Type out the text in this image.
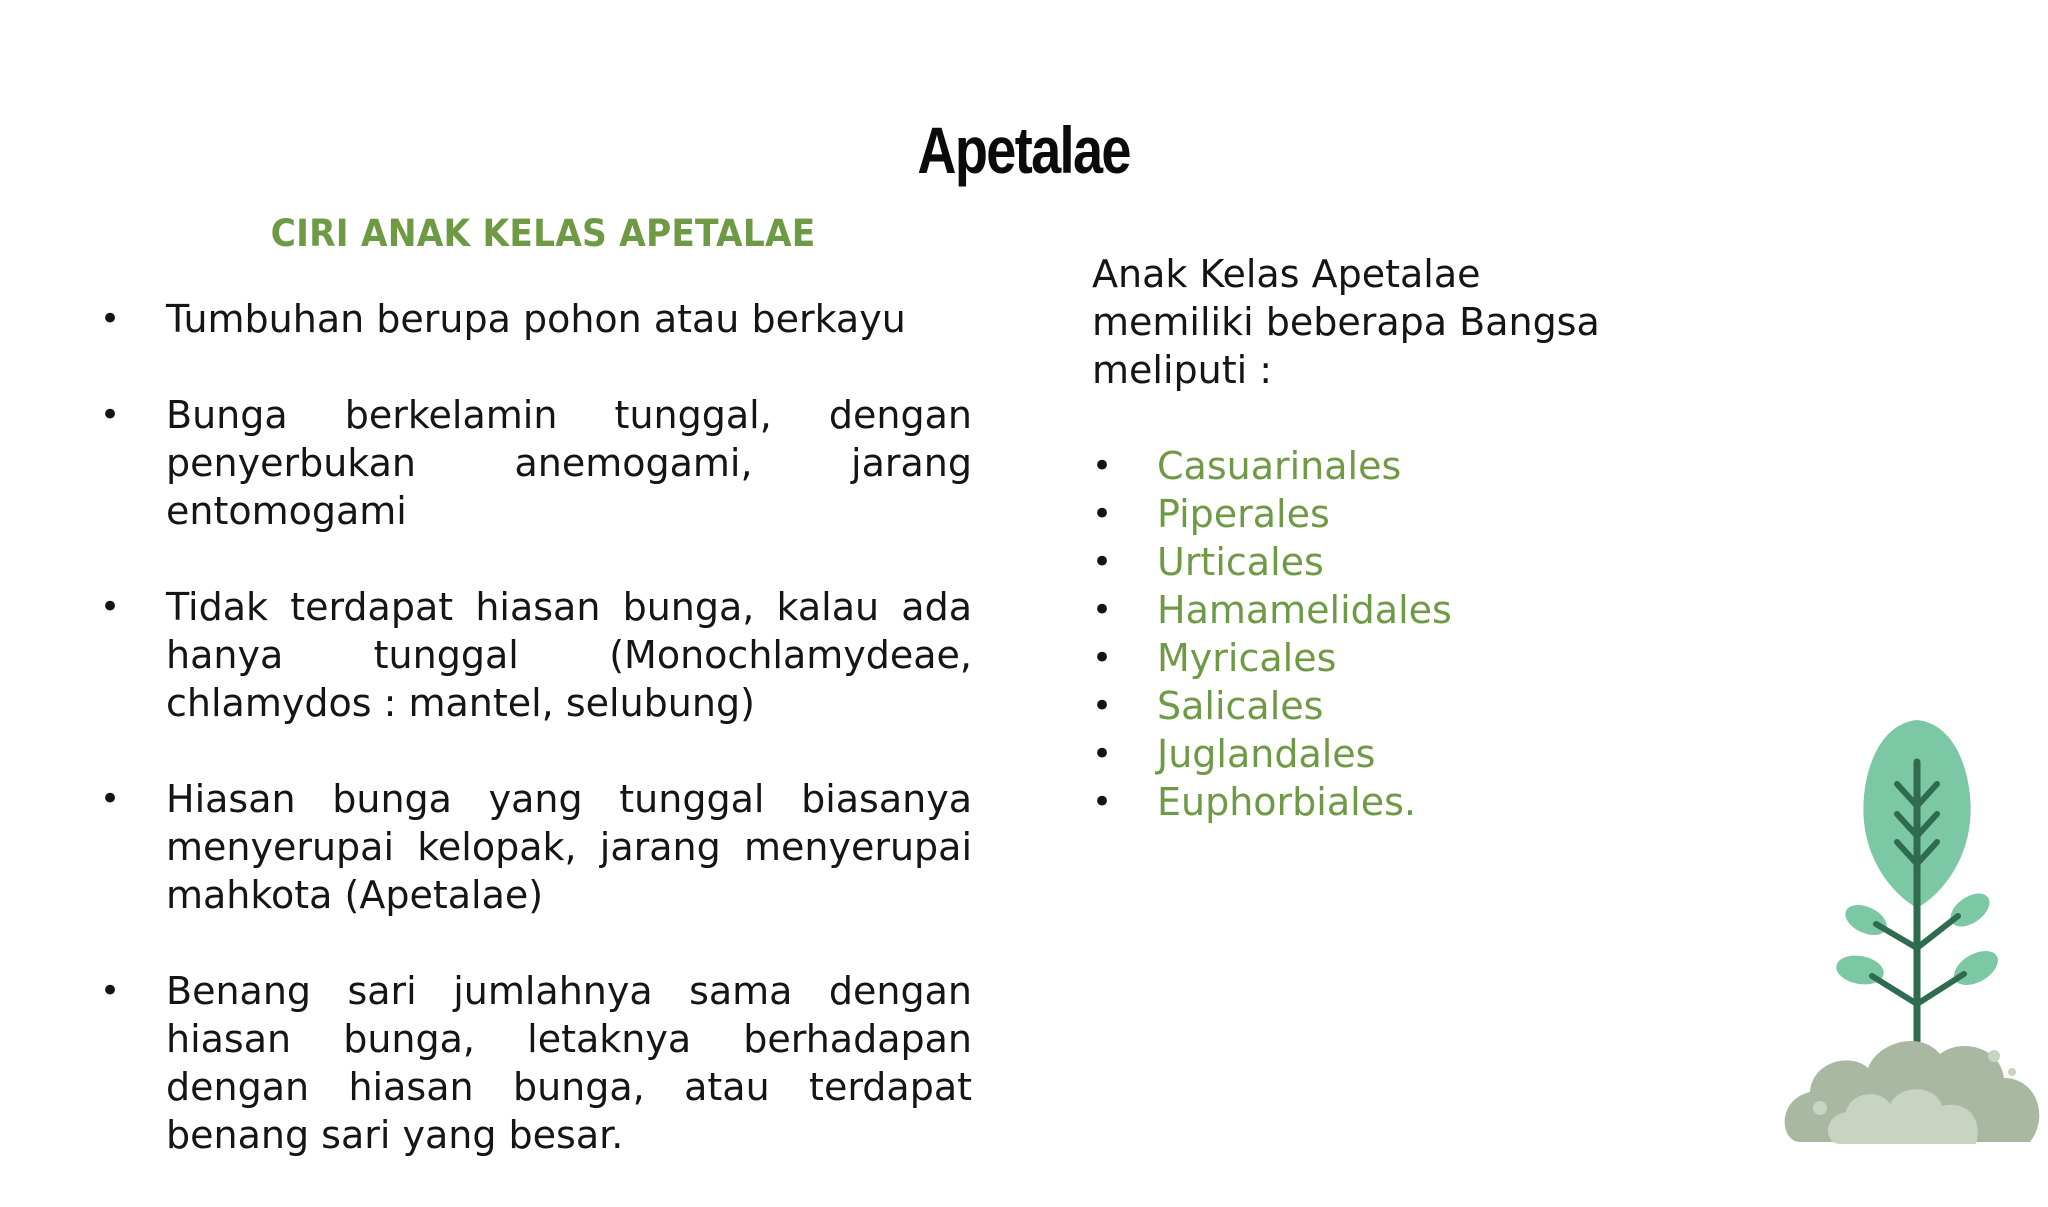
Apetalae
CIRI ANAK KELAS APETALAE
• Tumbuhan berupa pohon atau berkayu
• Bunga berkelamin tunggal, dengan penyerbukan anemogami, jarang entomogami
• Tidak terdapat hiasan bunga, kalau ada hanya tunggal (Monochlamydeae, chlamydos : mantel, selubung)
• Hiasan bunga yang tunggal biasanya menyerupai kelopak, jarang menyerupai mahkota (Apetalae)
• Benang sari jumlahnya sama dengan hiasan bunga, letaknya berhadapan dengan hiasan bunga, atau terdapat benang sari yang besar.

Anak Kelas Apetalae memiliki beberapa Bangsa meliputi :

• Casuarinales
• Piperales
• Urticales
• Hamamelidales
• Myricales
• Salicales
• Juglandales
• Euphorbiales.
